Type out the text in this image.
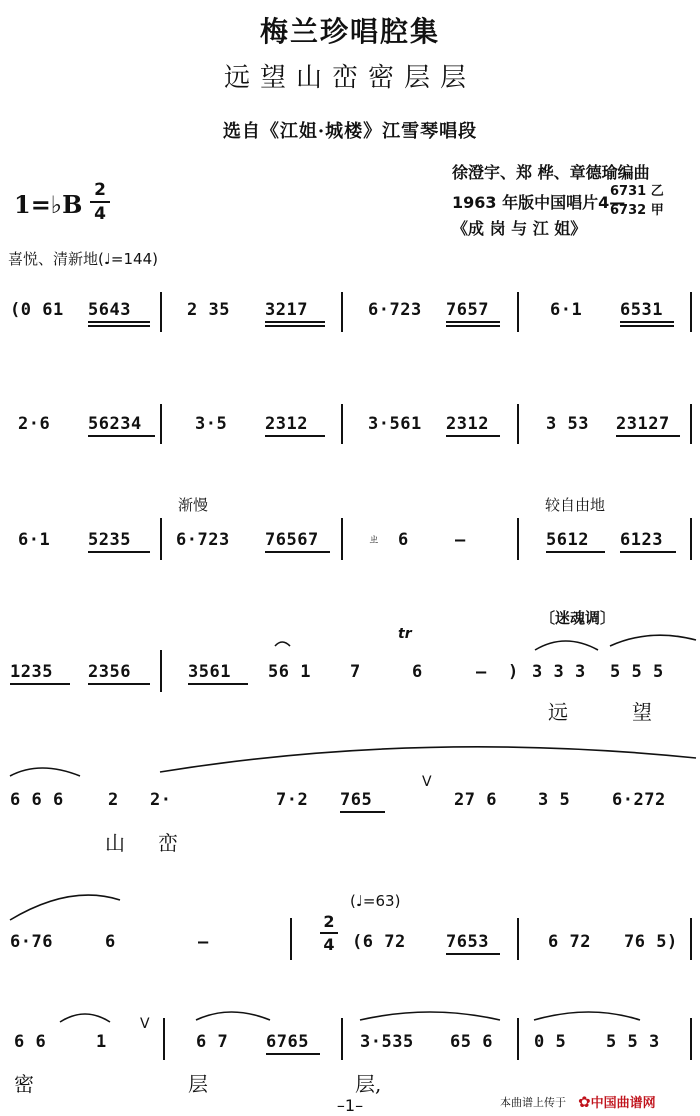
梅兰珍唱腔集
远望山峦密层层
选自《江姐·城楼》江雪琴唱段
徐澄宇、郑 桦、章德瑜编曲
1963 年版中国唱片4—
6731 乙
6732 甲
《成 岗 与 江 姐》
1=♭B 2
4
喜悦、清新地(♩=144)
(0 61 5643	2 35 3217	6·723 7657	6·1 6531
2·6 56234	3·5 2312	3·561 2312	3 53 23127
渐慢	较自由地
6·1 5235	6·723 76567	ㄓ 6	–	5612 6123
〔迷魂调〕
tr
1235 2356	3561 56 1 7	6	– ) 3 3 3 5 5 5
远	望
6 6 6	2 2·	7·2 765
V
27 6 3 5 6·272
山 峦
(♩=63)
6·76	6	–
2
4 (6 72 7653	6 72 76 5)
6 6	1
V
6 7 6765	3·535 65 6 0 5 5 5 3
密	层	层,
–1–	本曲谱上传于 ✿中国曲谱网
